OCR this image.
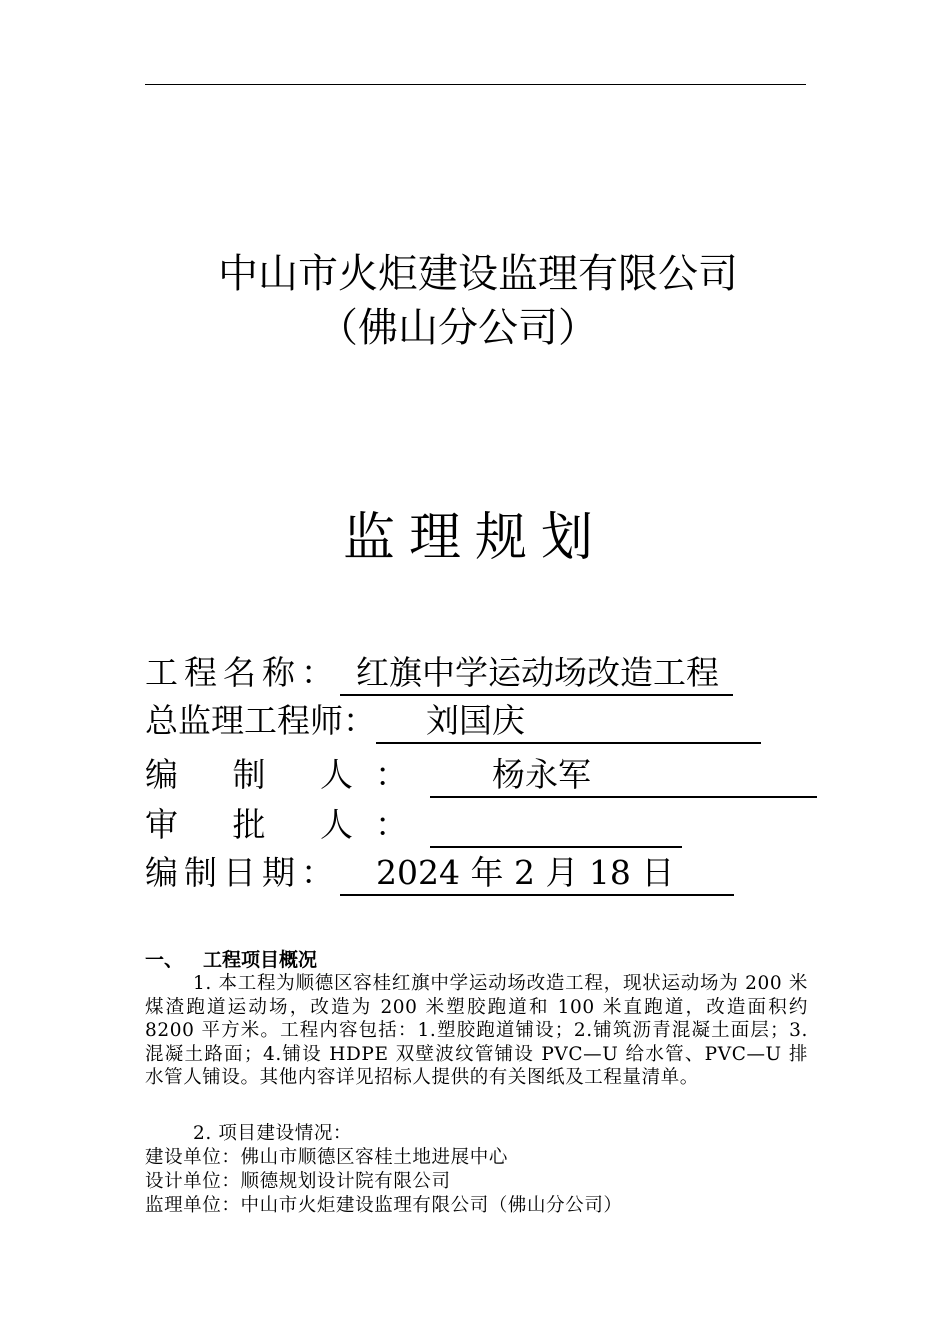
中山市火炬建设监理有限公司
（佛山分公司）
监理规划
工程名称： 红旗中学运动场改造工程
总监理工程师： 刘国庆
编 制 人： 杨永军
审 批 人：
编制日期： 2024 年 2 月 18 日
一、 工程项目概况

1. 本工程为顺德区容桂红旗中学运动场改造工程，现状运动场为 200 米煤渣跑道运动场，改造为 200 米塑胶跑道和 100 米直跑道，改造面积约 8200 平方米。工程内容包括：1.塑胶跑道铺设；2.铺筑沥青混凝土面层；3.混凝土路面；4.铺设 HDPE 双壁波纹管铺设 PVC—U 给水管、PVC—U 排水管人铺设。其他内容详见招标人提供的有关图纸及工程量清单。

2. 项目建设情况：
建设单位：佛山市顺德区容桂土地进展中心
设计单位：顺德规划设计院有限公司
监理单位：中山市火炬建设监理有限公司（佛山分公司）
